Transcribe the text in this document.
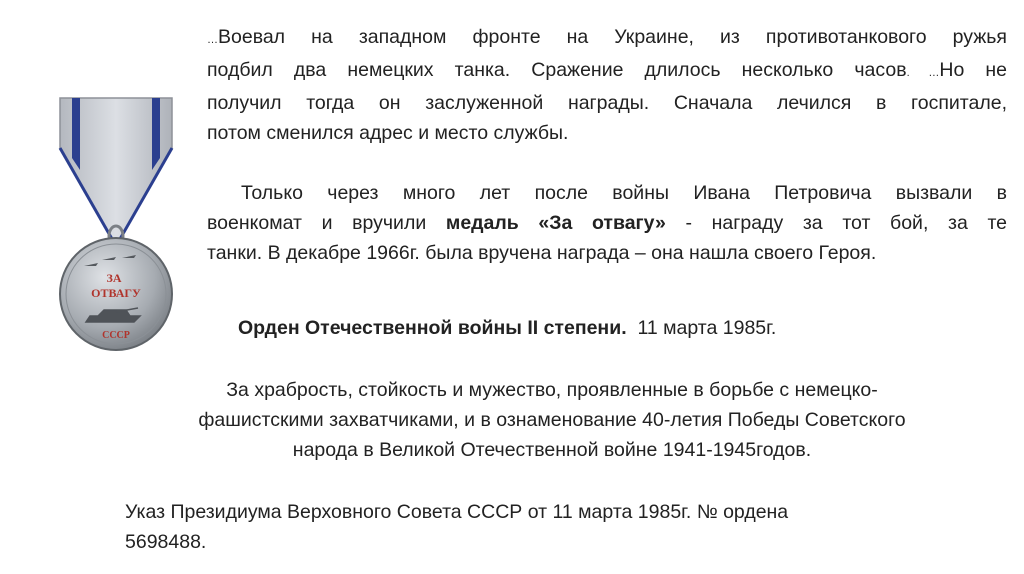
ЗА
ОТВАГУ
СССР
…Воевал на западном фронте на Украине, из противотанкового ружья
подбил два немецких танка. Сражение длилось несколько часов. …Но не
получил тогда он заслуженной награды. Сначала лечился в госпитале,
потом сменился адрес и место службы.
Только через много лет после войны Ивана Петровича вызвали в
военкомат и вручили медаль «За отвагу» - награду за тот бой, за те
танки. В декабре 1966г. была вручена награда – она нашла своего Героя.
Орден Отечественной войны II степени. 11 марта 1985г.
За храбрость, стойкость и мужество, проявленные в борьбе с немецко-
фашистскими захватчиками, и в ознаменование 40-летия Победы Советского
народа в Великой Отечественной войне 1941-1945годов.
Указ Президиума Верховного Совета СССР от 11 марта 1985г. № ордена
5698488.
